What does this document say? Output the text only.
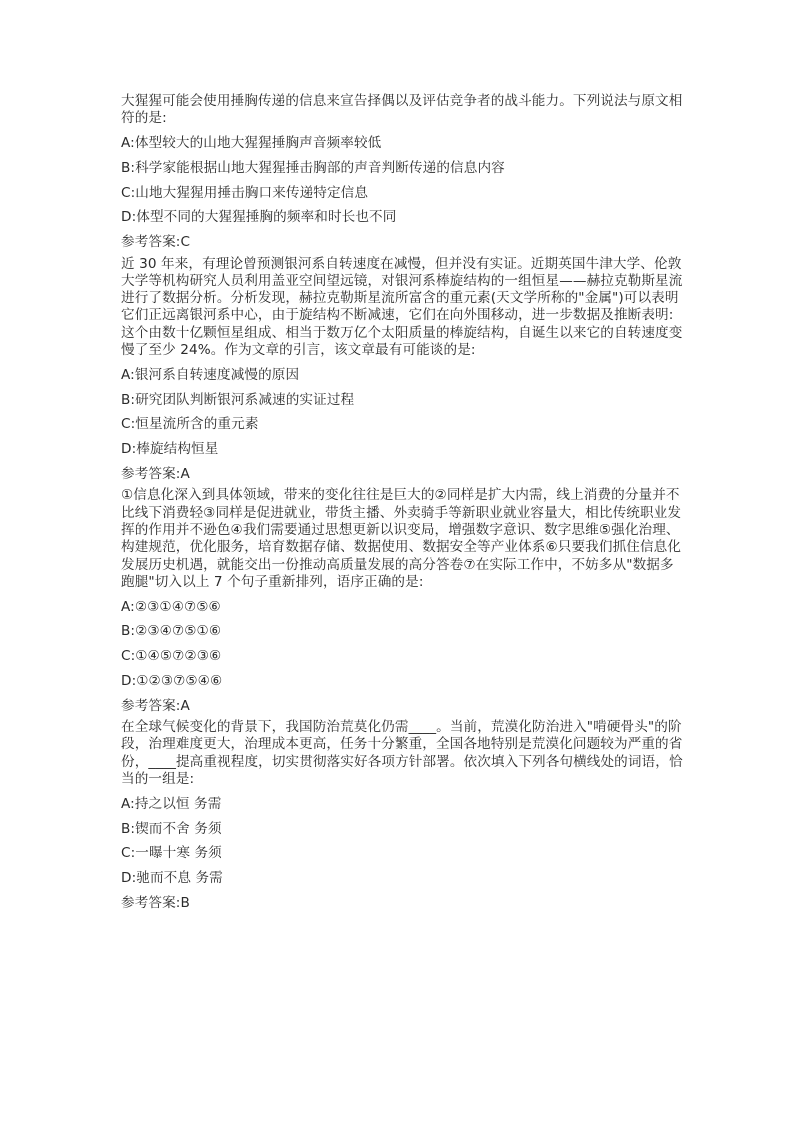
大猩猩可能会使用捶胸传递的信息来宣告择偶以及评估竞争者的战斗能力。下列说法与原文相符的是:

A:体型较大的山地大猩猩捶胸声音频率较低
B:科学家能根据山地大猩猩捶击胸部的声音判断传递的信息内容
C:山地大猩猩用捶击胸口来传递特定信息
D:体型不同的大猩猩捶胸的频率和时长也不同
参考答案:C

近 30 年来，有理论曾预测银河系自转速度在减慢，但并没有实证。近期英国牛津大学、伦敦大学等机构研究人员利用盖亚空间望远镜，对银河系棒旋结构的一组恒星——赫拉克勒斯星流进行了数据分析。分析发现，赫拉克勒斯星流所富含的重元素(天文学所称的"金属")可以表明它们正远离银河系中心，由于旋结构不断减速，它们在向外围移动，进一步数据及推断表明:这个由数十亿颗恒星组成、相当于数万亿个太阳质量的棒旋结构，自诞生以来它的自转速度变慢了至少 24%。作为文章的引言，该文章最有可能谈的是:

A:银河系自转速度减慢的原因
B:研究团队判断银河系减速的实证过程
C:恒星流所含的重元素
D:棒旋结构恒星
参考答案:A

①信息化深入到具体领域，带来的变化往往是巨大的②同样是扩大内需，线上消费的分量并不比线下消费轻③同样是促进就业，带货主播、外卖骑手等新职业就业容量大，相比传统职业发挥的作用并不逊色④我们需要通过思想更新以识变局，增强数字意识、数字思维⑤强化治理、构建规范，优化服务，培育数据存储、数据使用、数据安全等产业体系⑥只要我们抓住信息化发展历史机遇，就能交出一份推动高质量发展的高分答卷⑦在实际工作中，不妨多从"数据多跑腿"切入以上 7 个句子重新排列，语序正确的是:

A:②③①④⑦⑤⑥
B:②③④⑦⑤①⑥
C:①④⑤⑦②③⑥
D:①②③⑦⑤④⑥
参考答案:A

在全球气候变化的背景下，我国防治荒莫化仍需____。当前，荒漠化防治进入"啃硬骨头"的阶段，治理难度更大，治理成本更高，任务十分繁重，全国各地特别是荒漠化问题较为严重的省份，____提高重视程度，切实贯彻落实好各项方针部署。依次填入下列各句横线处的词语，恰当的一组是:

A:持之以恒 务需
B:锲而不舍 务须
C:一曝十寒 务须
D:驰而不息 务需
参考答案:B
